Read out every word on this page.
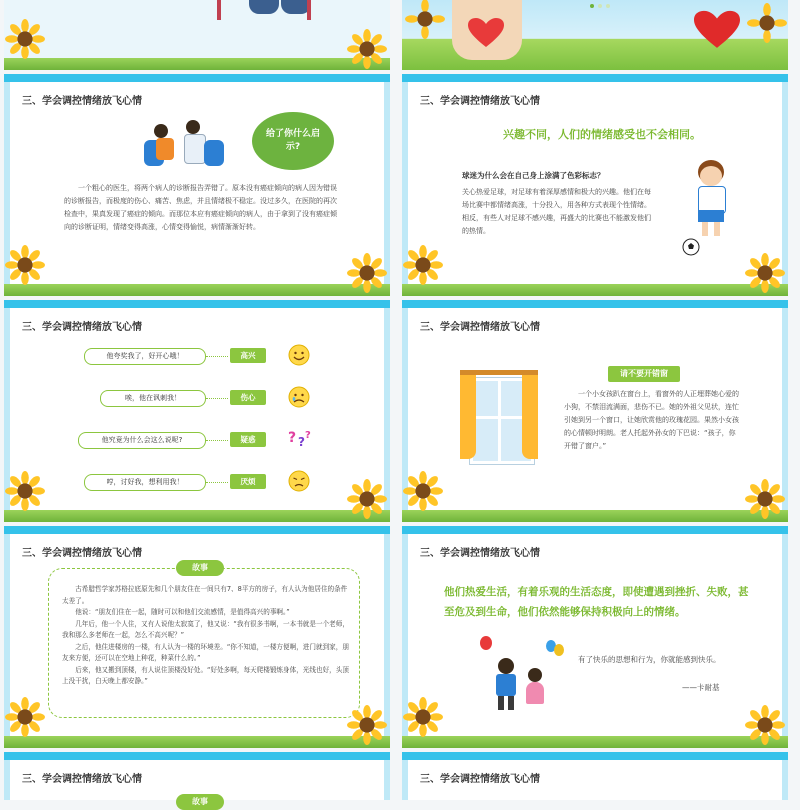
三、学会调控情绪放飞心情
给了你什么启示?
一个粗心的医生，将两个病人的诊断报告弄错了。原本没有癌症倾向的病人因为错误的诊断报告，而极度的伤心、痛苦、焦虑，并且情绪极不稳定。没过多久，在医院的再次检查中，果真发现了癌症的倾向。而那位本应有癌症倾向的病人，由于拿到了没有癌症倾向的诊断证明，情绪变得高涨，心情变得愉悦，病情渐渐好转。
三、学会调控情绪放飞心情
兴趣不同，人们的情绪感受也不会相同。
球迷为什么会在自己身上涂满了色彩标志？
关心热爱足球，对足球有着深厚感情和极大的兴趣。他们在每场比赛中都情绪高涨，十分投入，用各种方式表现个性情绪。相反，有些人对足球不感兴趣，再盛大的比赛也不能激发他们的热情。
三、学会调控情绪放飞心情
他夸奖我了，好开心哦！	高兴
唉，他在讽刺我！	伤心
他究竟为什么会这么说呢?	疑惑	? ? ?
哼，讨好我，想利用我！	厌烦
三、学会调控情绪放飞心情
请不要开错窗
一个小女孩趴在窗台上，看窗外的人正埋葬她心爱的小狗，不禁泪流满面，悲伤不已。她的外祖父见状，连忙引她到另一个窗口，让她欣赏他的玫瑰花园。果然小女孩的心情顿时明朗。老人托起外孙女的下巴说：“孩子，你开错了窗户。”
三、学会调控情绪放飞心情
故事
古希腊哲学家苏格拉底原先和几个朋友住在一间只有7、8平方的房子，有人认为他居住的条件太差了。
他说：“朋友们住在一起，随时可以和他们交流感情，是值得高兴的事啊。”
几年后，他一个人住，又有人说他太寂寞了，他又说：“我有很多书啊，一本书就是一个老师，我和那么多老师在一起，怎么不高兴呢？”
之后，他住进楼房的一楼，有人认为一楼的环境差。“你不知道，一楼方便啊，进门就到家，朋友来方便，还可以在空地上种花，种菜什么的。”
后来，他又搬到顶楼，有人说住顶楼没好处。“好处多啊，每天爬楼锻炼身体，光线也好，头顶上没干扰，白天晚上都安静。”
三、学会调控情绪放飞心情
他们热爱生活，有着乐观的生活态度，即使遭遇到挫折、失败，甚至危及到生命，他们依然能够保持积极向上的情绪。
有了快乐的思想和行为，你就能感到快乐。
——卡耐基
三、学会调控情绪放飞心情
故事
三、学会调控情绪放飞心情
